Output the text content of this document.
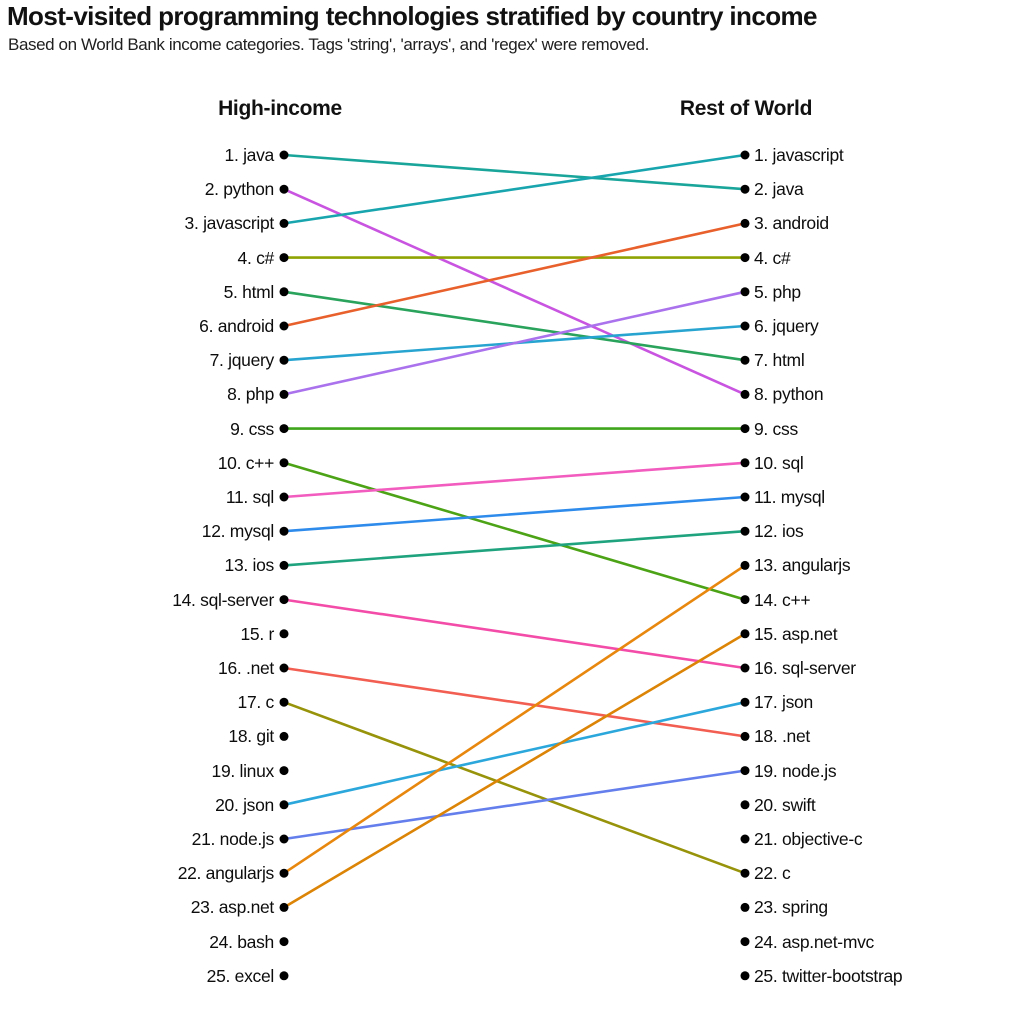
Most-visited programming technologies stratified by country income

Based on World Bank income categories. Tags 'string', 'arrays', and 'regex' were removed.

High-income	Rest of World
1. java
2. python
3. javascript
4. c#
5. html
6. android
7. jquery
8. php
9. css
10. c++
11. sql
12. mysql
13. ios
14. sql-server
15. r
16. .net
17. c
18. git
19. linux
20. json
21. node.js
22. angularjs
23. asp.net
24. bash
25. excel
1. javascript
2. java
3. android
4. c#
5. php
6. jquery
7. html
8. python
9. css
10. sql
11. mysql
12. ios
13. angularjs
14. c++
15. asp.net
16. sql-server
17. json
18. .net
19. node.js
20. swift
21. objective-c
22. c
23. spring
24. asp.net-mvc
25. twitter-bootstrap
